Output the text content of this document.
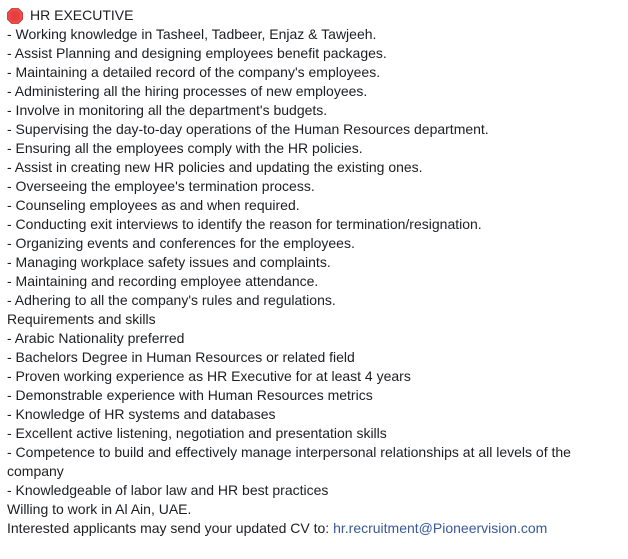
HR EXECUTIVE
- Working knowledge in Tasheel, Tadbeer, Enjaz & Tawjeeh.
- Assist Planning and designing employees benefit packages.
- Maintaining a detailed record of the company's employees.
- Administering all the hiring processes of new employees.
- Involve in monitoring all the department's budgets.
- Supervising the day-to-day operations of the Human Resources department.
- Ensuring all the employees comply with the HR policies.
- Assist in creating new HR policies and updating the existing ones.
- Overseeing the employee's termination process.
- Counseling employees as and when required.
- Conducting exit interviews to identify the reason for termination/resignation.
- Organizing events and conferences for the employees.
- Managing workplace safety issues and complaints.
- Maintaining and recording employee attendance.
- Adhering to all the company's rules and regulations.
Requirements and skills
- Arabic Nationality preferred
- Bachelors Degree in Human Resources or related field
- Proven working experience as HR Executive for at least 4 years
- Demonstrable experience with Human Resources metrics
- Knowledge of HR systems and databases
- Excellent active listening, negotiation and presentation skills
- Competence to build and effectively manage interpersonal relationships at all levels of the company
- Knowledgeable of labor law and HR best practices
Willing to work in Al Ain, UAE.
Interested applicants may send your updated CV to: hr.recruitment@Pioneervision.com
